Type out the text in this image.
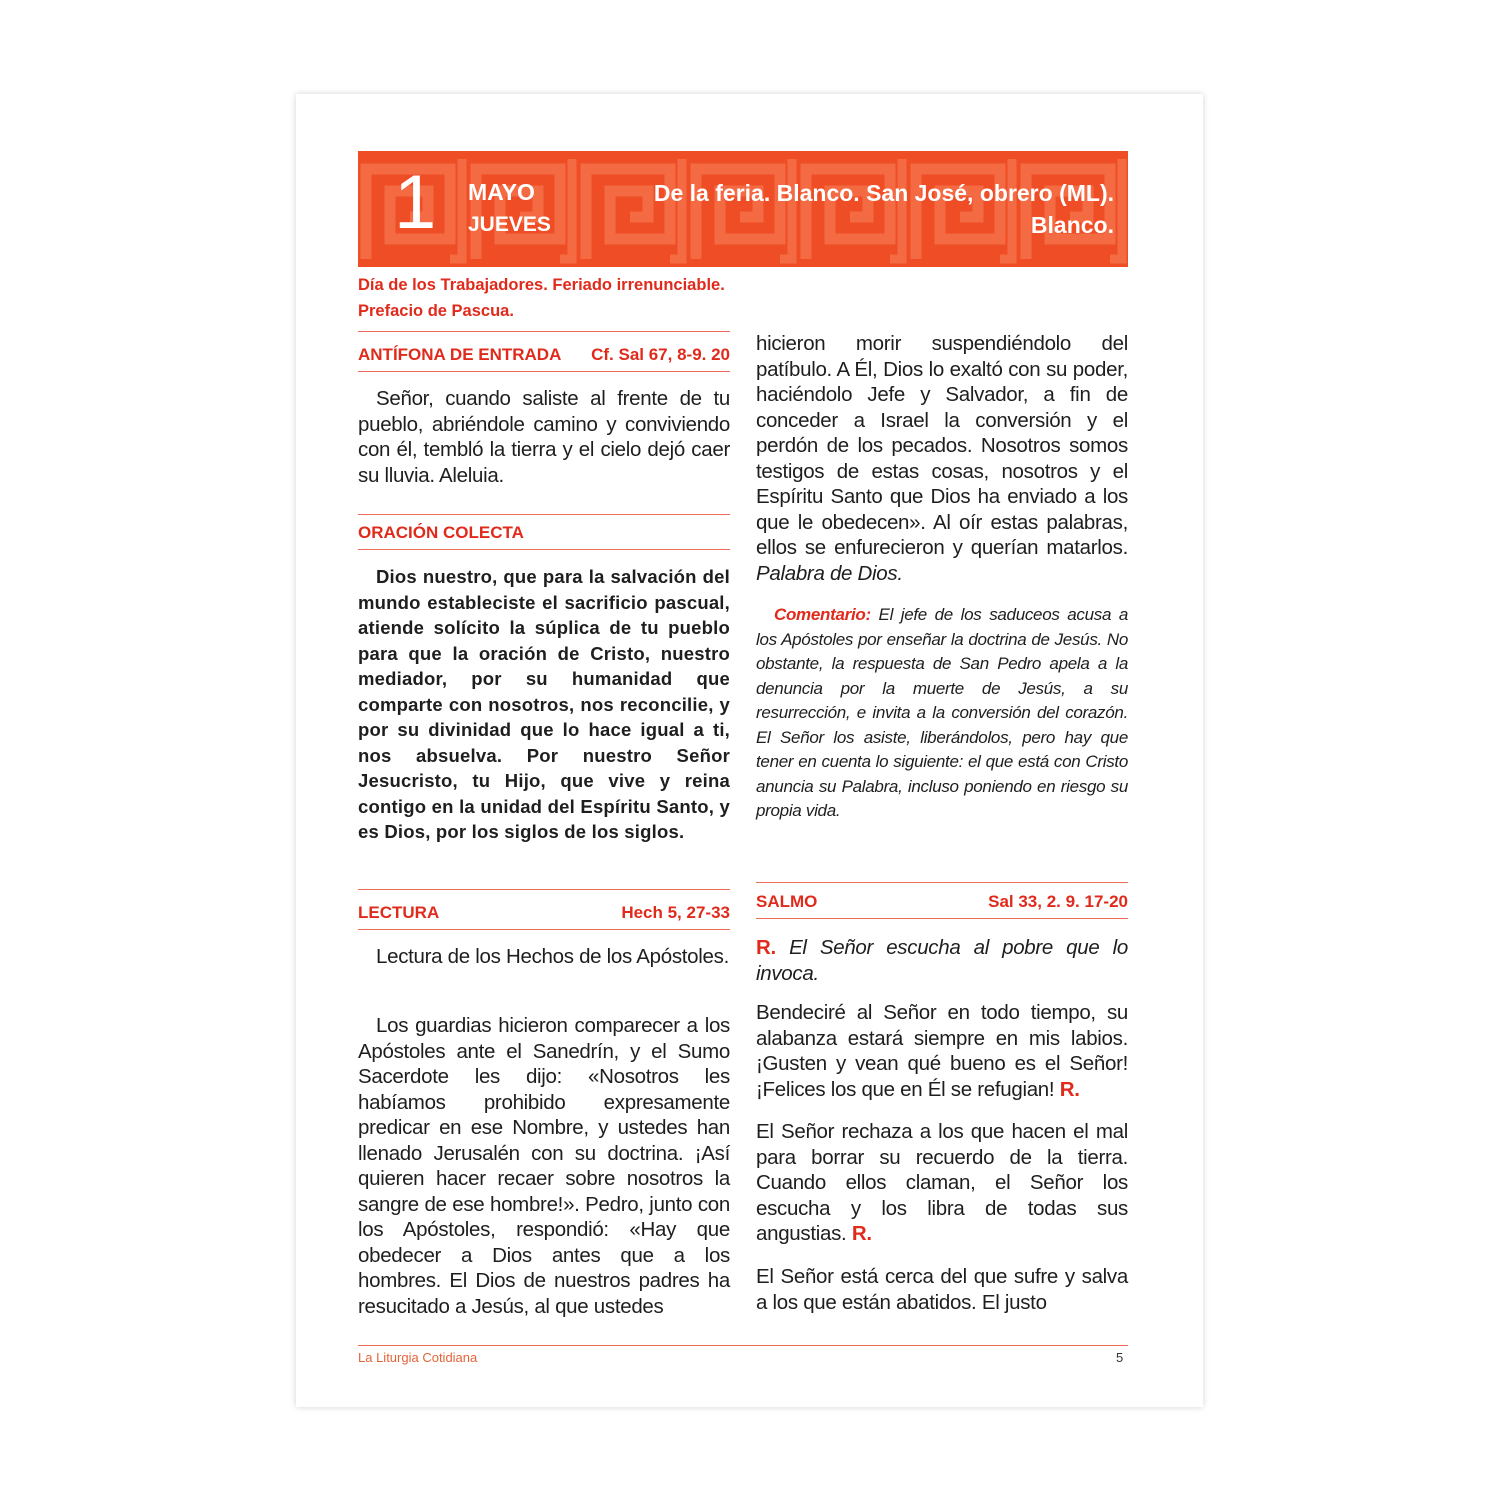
1 MAYO
JUEVES
De la feria. Blanco. San José, obrero (ML).
Blanco.
Día de los Trabajadores. Feriado irrenunciable.
Prefacio de Pascua.
ANTÍFONA DE ENTRADA Cf. Sal 67, 8-9. 20
Señor, cuando saliste al frente de tu pueblo, abriéndole camino y conviviendo con él, tembló la tierra y el cielo dejó caer su lluvia. Aleluia.
ORACIÓN COLECTA
Dios nuestro, que para la salvación del mundo estableciste el sacrificio pascual, atiende solícito la súplica de tu pueblo para que la oración de Cristo, nuestro mediador, por su humanidad que comparte con nosotros, nos reconcilie, y por su divinidad que lo hace igual a ti, nos absuelva. Por nuestro Señor Jesucristo, tu Hijo, que vive y reina contigo en la unidad del Espíritu Santo, y es Dios, por los siglos de los siglos.
LECTURA	Hech 5, 27-33
Lectura de los Hechos de los Apóstoles.
Los guardias hicieron comparecer a los Apóstoles ante el Sanedrín, y el Sumo Sacerdote les dijo: «Nosotros les habíamos prohibido expresamente predicar en ese Nombre, y ustedes han llenado Jerusalén con su doctrina. ¡Así quieren hacer recaer sobre nosotros la sangre de ese hombre!». Pedro, junto con los Apóstoles, respondió: «Hay que obedecer a Dios antes que a los hombres. El Dios de nuestros padres ha resucitado a Jesús, al que ustedes
hicieron morir suspendiéndolo del patíbulo. A Él, Dios lo exaltó con su poder, haciéndolo Jefe y Salvador, a fin de conceder a Israel la conversión y el perdón de los pecados. Nosotros somos testigos de estas cosas, nosotros y el Espíritu Santo que Dios ha enviado a los que le obedecen». Al oír estas palabras, ellos se enfurecieron y querían matarlos. Palabra de Dios.
Comentario: El jefe de los saduceos acusa a los Apóstoles por enseñar la doctrina de Jesús. No obstante, la respuesta de San Pedro apela a la denuncia por la muerte de Jesús, a su resurrección, e invita a la conversión del corazón. El Señor los asiste, liberándolos, pero hay que tener en cuenta lo siguiente: el que está con Cristo anuncia su Palabra, incluso poniendo en riesgo su propia vida.
SALMO	Sal 33, 2. 9. 17-20
R. El Señor escucha al pobre que lo invoca.
Bendeciré al Señor en todo tiempo, su alabanza estará siempre en mis labios. ¡Gusten y vean qué bueno es el Señor! ¡Felices los que en Él se refugian! R.
El Señor rechaza a los que hacen el mal para borrar su recuerdo de la tierra. Cuando ellos claman, el Señor los escucha y los libra de todas sus angustias. R.
El Señor está cerca del que sufre y salva a los que están abatidos. El justo
La Liturgia Cotidiana	5
